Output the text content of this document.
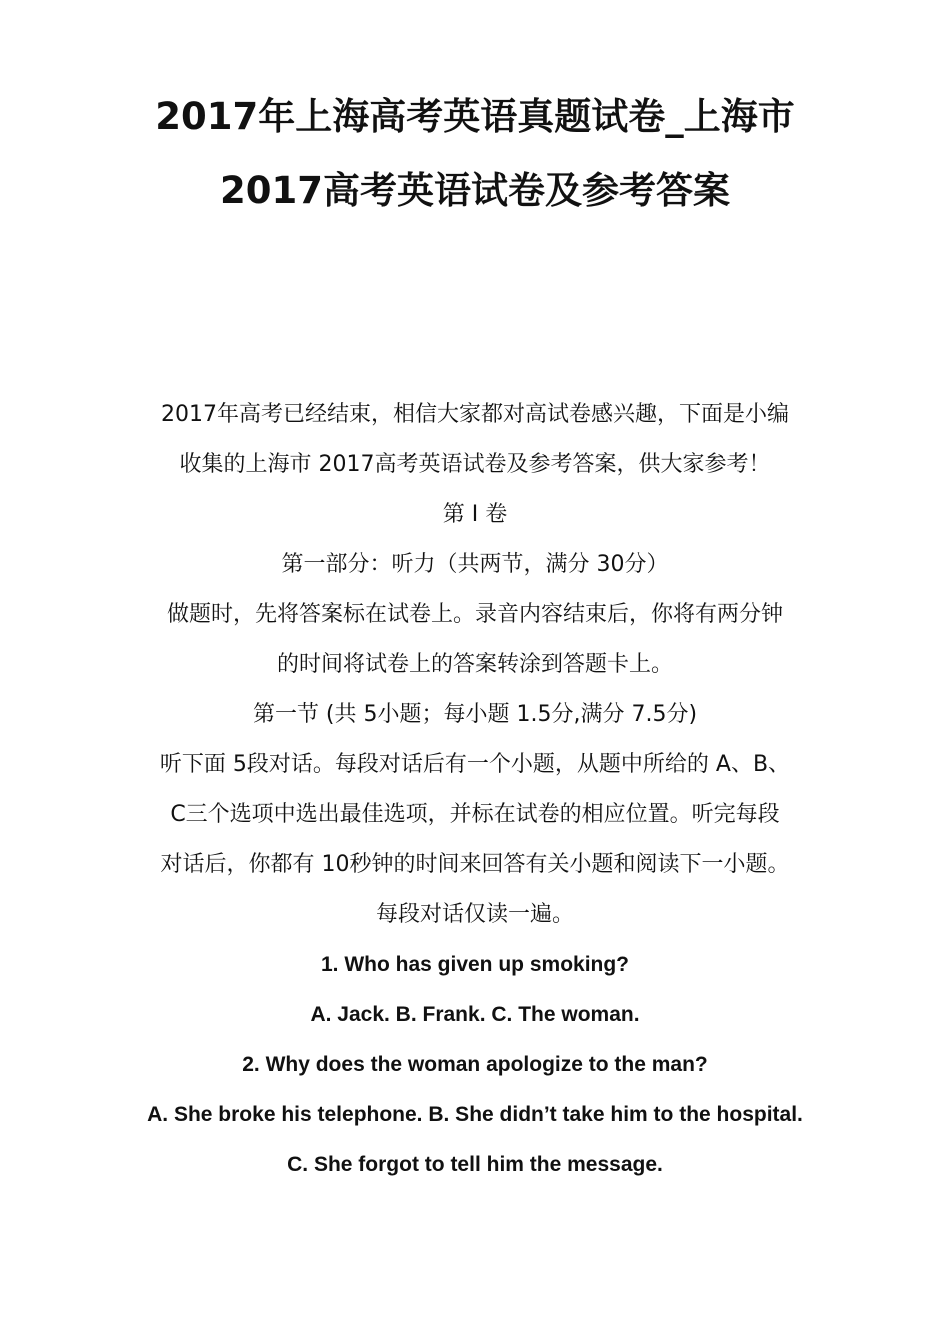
2017年上海高考英语真题试卷_上海市
2017高考英语试卷及参考答案

2017年高考已经结束，相信大家都对高试卷感兴趣，下面是小编

收集的上海市 2017高考英语试卷及参考答案，供大家参考！

第 I 卷

第一部分：听力（共两节，满分 30分）

做题时，先将答案标在试卷上。录音内容结束后，你将有两分钟

的时间将试卷上的答案转涂到答题卡上。

第一节 (共 5小题；每小题 1.5分,满分 7.5分)

听下面 5段对话。每段对话后有一个小题，从题中所给的 A、B、

C三个选项中选出最佳选项，并标在试卷的相应位置。听完每段

对话后，你都有 10秒钟的时间来回答有关小题和阅读下一小题。

每段对话仅读一遍。

1. Who has given up smoking?

A. Jack. B. Frank. C. The woman.

2. Why does the woman apologize to the man?

A. She broke his telephone. B. She didn’t take him to the hospital.

C. She forgot to tell him the message.
